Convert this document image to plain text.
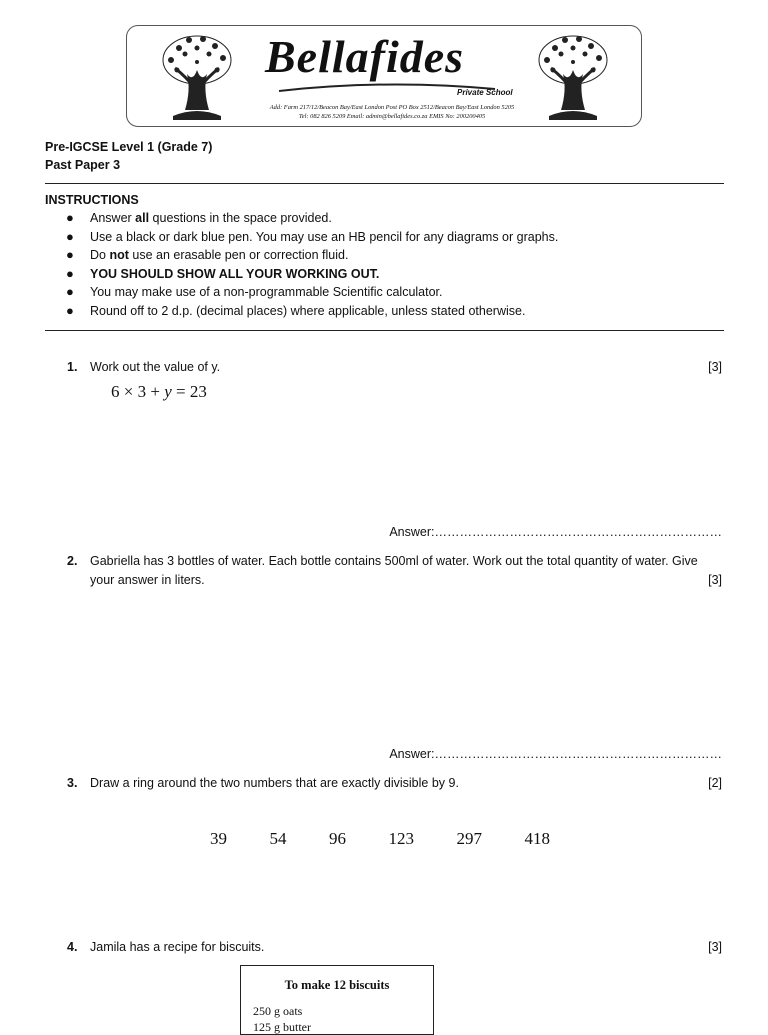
Bellafides
Private School
Add: Farm 217/12/Beacon Bay/East London Post PO Box 2512/Beacon Bay/East London 5205
Tel: 082 826 5209 Email: admin@bellafides.co.za EMIS No: 200200405
Pre-IGCSE Level 1 (Grade 7)
Past Paper 3
INSTRUCTIONS
● Answer all questions in the space provided.
● Use a black or dark blue pen. You may use an HB pencil for any diagrams or graphs.
● Do not use an erasable pen or correction fluid.
● YOU SHOULD SHOW ALL YOUR WORKING OUT.
● You may make use of a non-programmable Scientific calculator.
● Round off to 2 d.p. (decimal places) where applicable, unless stated otherwise.
1.	Work out the value of y.	[3]
6 × 3 + y = 23
Answer:……………………………………………………………
2.	Gabriella has 3 bottles of water. Each bottle contains 500ml of water. Work out the total quantity of water. Give
your answer in liters.	[3]
Answer:……………………………………………………………
3.	Draw a ring around the two numbers that are exactly divisible by 9.	[2]
39	54	96	123	297	418
4.	Jamila has a recipe for biscuits.	[3]
To make 12 biscuits
250 g oats
125 g butter
